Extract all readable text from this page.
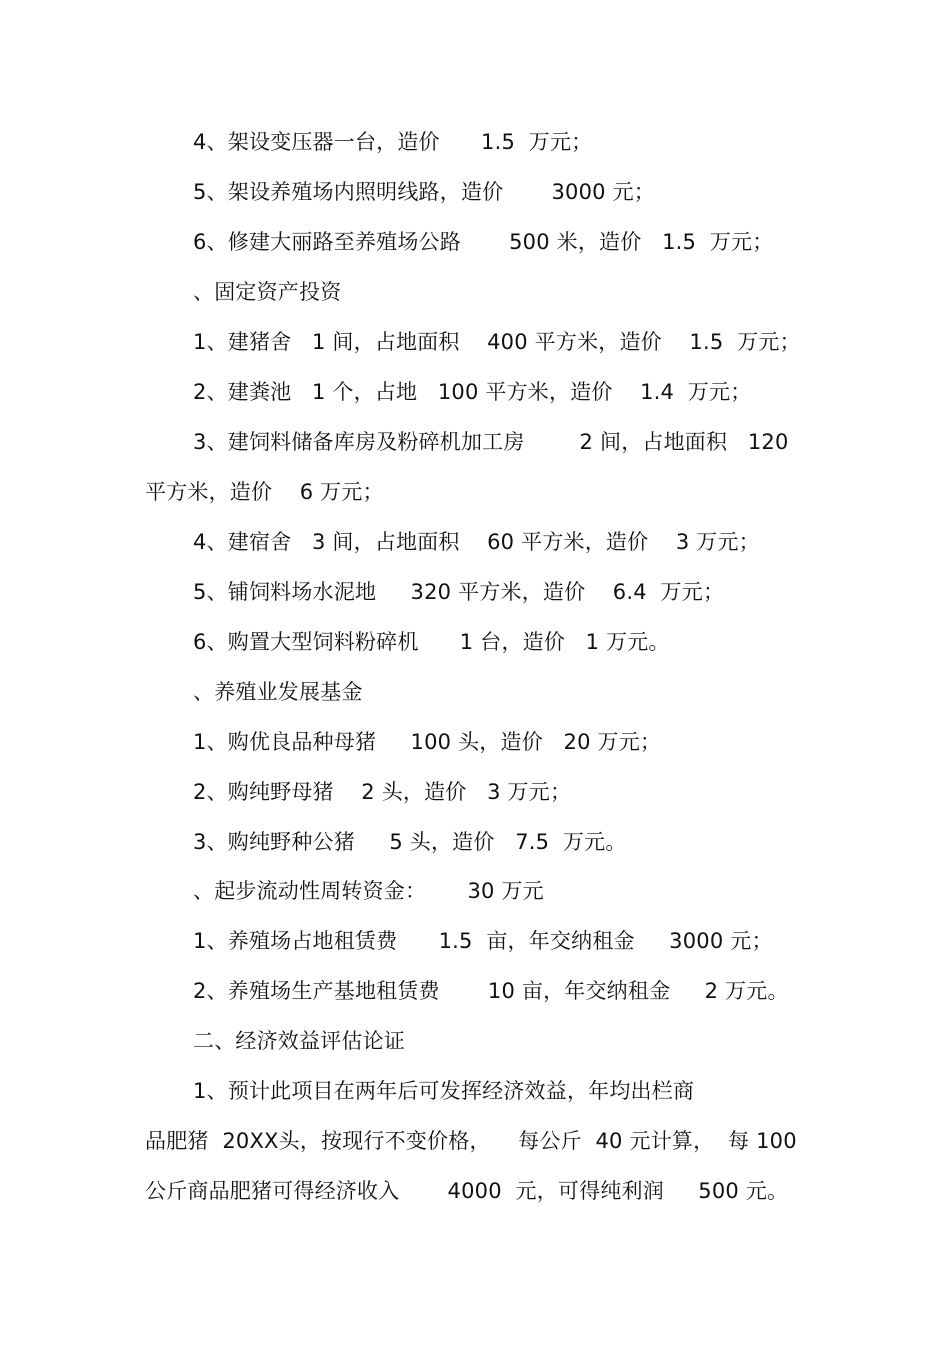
4、架设变压器一台，造价      1.5  万元；
5、架设养殖场内照明线路，造价       3000 元；
6、修建大丽路至养殖场公路       500 米，造价   1.5  万元；
、固定资产投资
1、建猪舍   1 间，占地面积    400 平方米，造价    1.5  万元；
2、建粪池   1 个，占地   100 平方米，造价    1.4  万元；
3、建饲料储备库房及粉碎机加工房        2 间，占地面积   120
平方米，造价    6 万元；
4、建宿舍   3 间，占地面积    60 平方米，造价    3 万元；
5、铺饲料场水泥地     320 平方米，造价    6.4  万元；
6、购置大型饲料粉碎机      1 台，造价   1 万元。
、养殖业发展基金
1、购优良品种母猪     100 头，造价   20 万元；
2、购纯野母猪    2 头，造价   3 万元；
3、购纯野种公猪     5 头，造价   7.5  万元。
、起步流动性周转资金：      30 万元
1、养殖场占地租赁费      1.5  亩，年交纳租金     3000 元；
2、养殖场生产基地租赁费       10 亩，年交纳租金     2 万元。
二、经济效益评估论证
1、预计此项目在两年后可发挥经济效益，年均出栏商
品肥猪  20XX头，按现行不变价格，    每公斤  40 元计算，  每 100
公斤商品肥猪可得经济收入       4000  元，可得纯利润     500 元。
